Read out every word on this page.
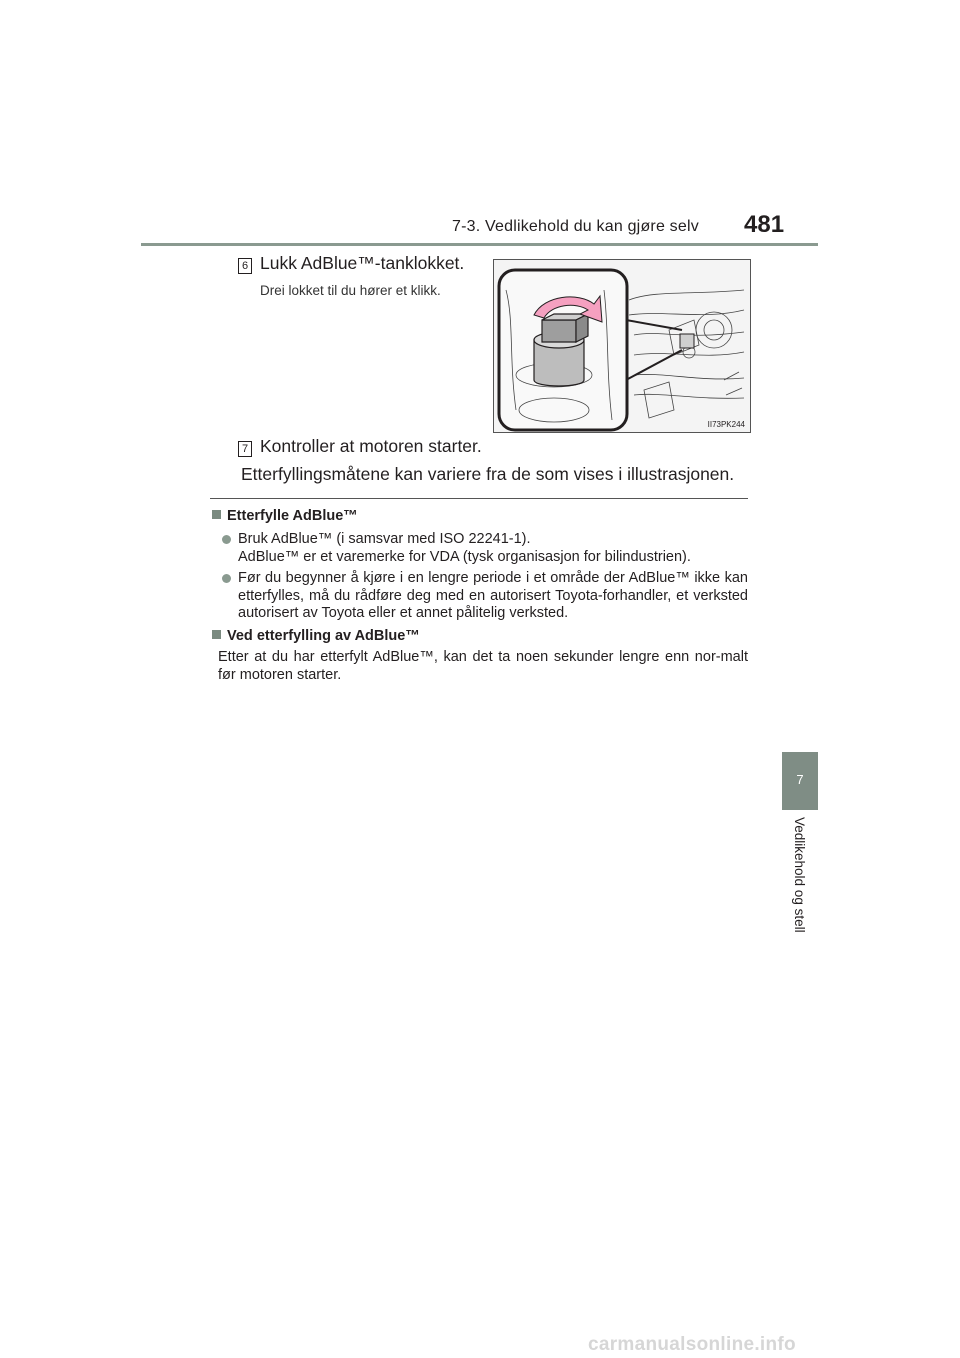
7-3. Vedlikehold du kan gjøre selv 481
6 Lukk AdBlue™-tanklokket.
Drei lokket til du hører et klikk.
II73PK244
7 Kontroller at motoren starter.
Etterfyllingsmåtene kan variere fra de som vises i illustrasjonen.
Etterfylle AdBlue™
Bruk AdBlue™ (i samsvar med ISO 22241-1).
AdBlue™ er et varemerke for VDA (tysk organisasjon for bilindustrien).
Før du begynner å kjøre i en lengre periode i et område der AdBlue™ ikke kan etterfylles, må du rådføre deg med en autorisert Toyota-forhandler, et verksted autorisert av Toyota eller et annet pålitelig verksted.
Ved etterfylling av AdBlue™
Etter at du har etterfylt AdBlue™, kan det ta noen sekunder lengre enn nor-malt før motoren starter.
7
Vedlikehold og stell
carmanualsonline.info
